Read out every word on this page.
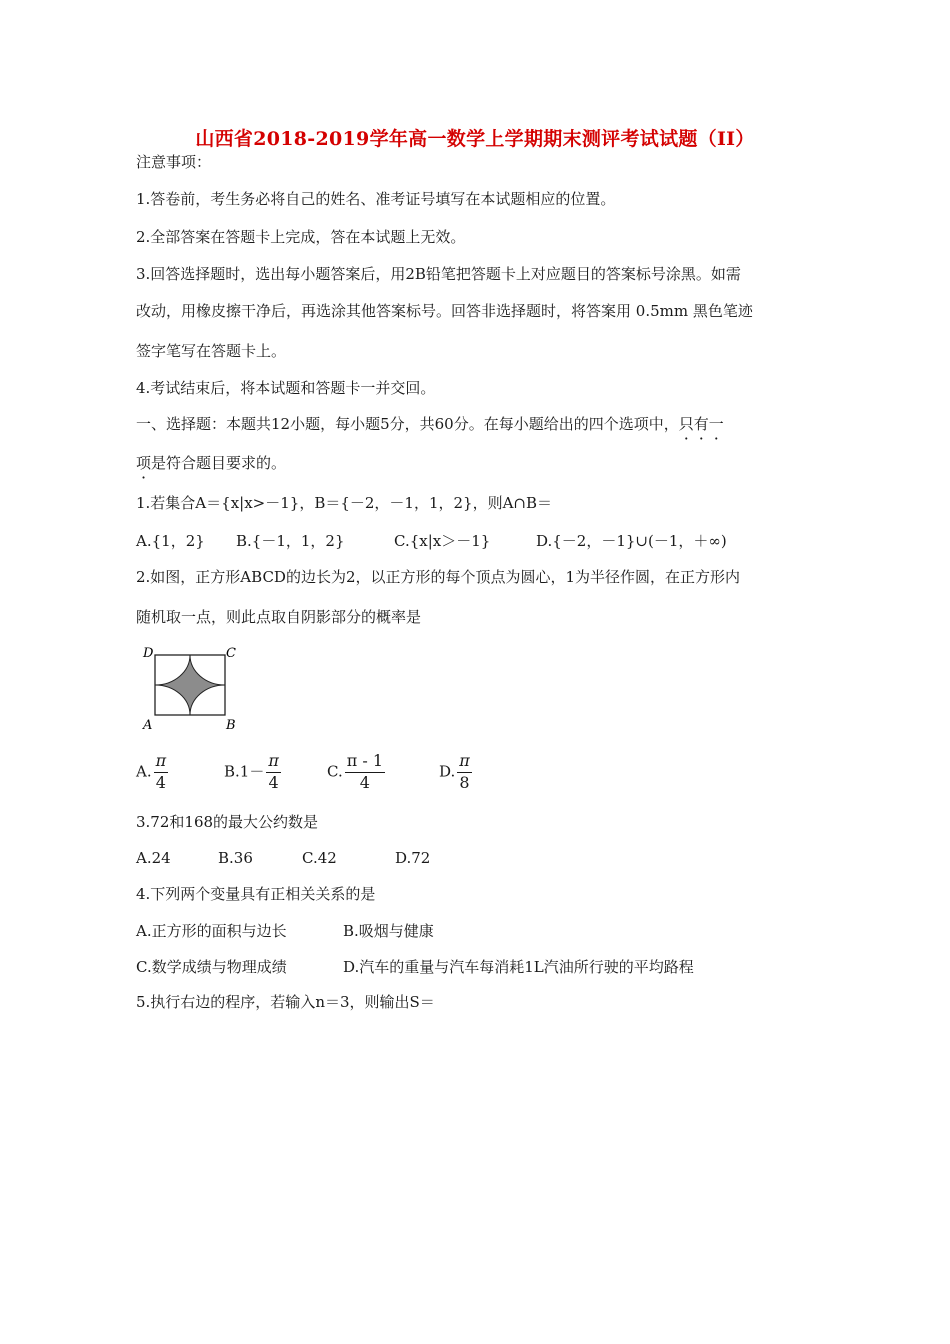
山西省2018-2019学年高一数学上学期期末测评考试试题（II）
注意事项：
1.答卷前，考生务必将自己的姓名、准考证号填写在本试题相应的位置。
2.全部答案在答题卡上完成，答在本试题上无效。
3.回答选择题时，选出每小题答案后，用2B铅笔把答题卡上对应题目的答案标号涂黑。如需
改动，用橡皮擦干净后，再选涂其他答案标号。回答非选择题时，将答案用 0.5mm 黑色笔迹
签字笔写在答题卡上。
4.考试结束后，将本试题和答题卡一并交回。
一、选择题：本题共12小题，每小题5分，共60分。在每小题给出的四个选项中，只有一
项是符合题目要求的。
1.若集合A＝{x|x>－1}，B＝{－2，－1，1，2}，则A∩B＝
A.{1，2} B.{－1，1，2}	C.{x|x＞－1}	D.{－2，－1}∪(－1，＋∞)
2.如图，正方形ABCD的边长为2，以正方形的每个顶点为圆心，1为半径作圆，在正方形内
随机取一点，则此点取自阴影部分的概率是
D	C
A	B
A. $\frac{\pi}{4}$	$B.1- \frac{\pi}{4}$	C. $\frac{\pi - 1}{4}$	D. $\frac{\pi}{8}$
3.72和168的最大公约数是
A.24	B.36	C.42	D.72
4.下列两个变量具有正相关关系的是
A.正方形的面积与边长	B.吸烟与健康
C.数学成绩与物理成绩	D.汽车的重量与汽车每消耗1L汽油所行驶的平均路程
5.执行右边的程序，若输入n＝3，则输出S＝
